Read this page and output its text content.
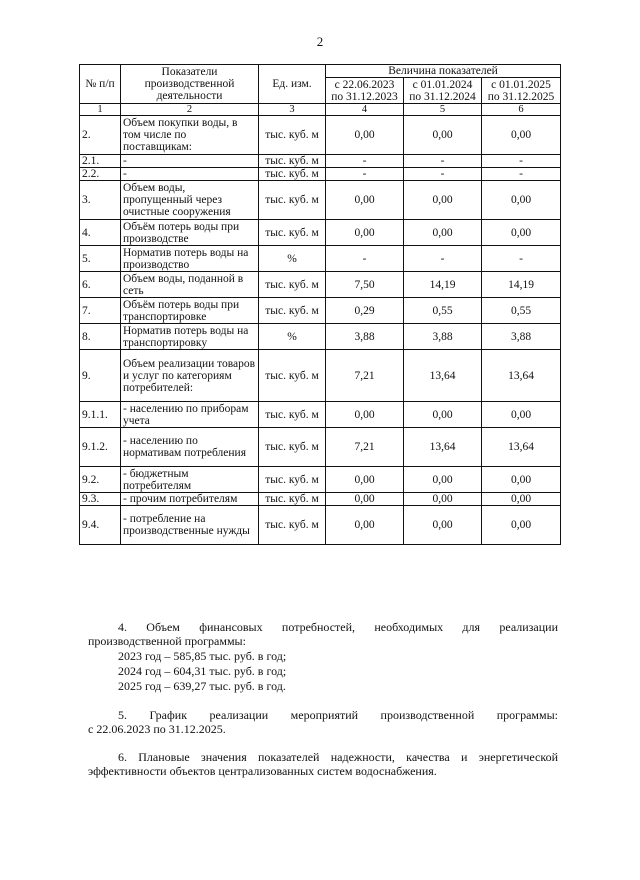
2
№ п/п	Показатели производственной деятельности	Ед. изм.	Величина показателей		
			с 22.06.2023 по 31.12.2023	с 01.01.2024 по 31.12.2024	с 01.01.2025 по 31.12.2025
1	2	3	4	5	6
2.	Объем покупки воды, в том числе по поставщикам:	тыс. куб. м	0,00	0,00	0,00
2.1.	-	тыс. куб. м	-	-	-
2.2.	-	тыс. куб. м	-	-	-
3.	Объем воды, пропущенный через очистные сооружения	тыс. куб. м	0,00	0,00	0,00
4.	Объём потерь воды при производстве	тыс. куб. м	0,00	0,00	0,00
5.	Норматив потерь воды на производство	%	-	-	-
6.	Объем воды, поданной в сеть	тыс. куб. м	7,50	14,19	14,19
7.	Объём потерь воды при транспортировке	тыс. куб. м	0,29	0,55	0,55
8.	Норматив потерь воды на транспортировку	%	3,88	3,88	3,88
9.	Объем реализации товаров и услуг по категориям потребителей:	тыс. куб. м	7,21	13,64	13,64
9.1.1.	- населению по приборам учета	тыс. куб. м	0,00	0,00	0,00
9.1.2.	- населению по нормативам потребления	тыс. куб. м	7,21	13,64	13,64
9.2.	- бюджетным потребителям	тыс. куб. м	0,00	0,00	0,00
9.3.	- прочим потребителям	тыс. куб. м	0,00	0,00	0,00
9.4.	- потребление на производственные нужды	тыс. куб. м	0,00	0,00	0,00
4. Объем финансовых потребностей, необходимых для реализации
производственной программы:
2023 год – 585,85 тыс. руб. в год;
2024 год – 604,31 тыс. руб. в год;
2025 год – 639,27 тыс. руб. в год.
5. График реализации мероприятий производственной программы:
с 22.06.2023 по 31.12.2025.
6. Плановые значения показателей надежности, качества и энергетической
эффективности объектов централизованных систем водоснабжения.
